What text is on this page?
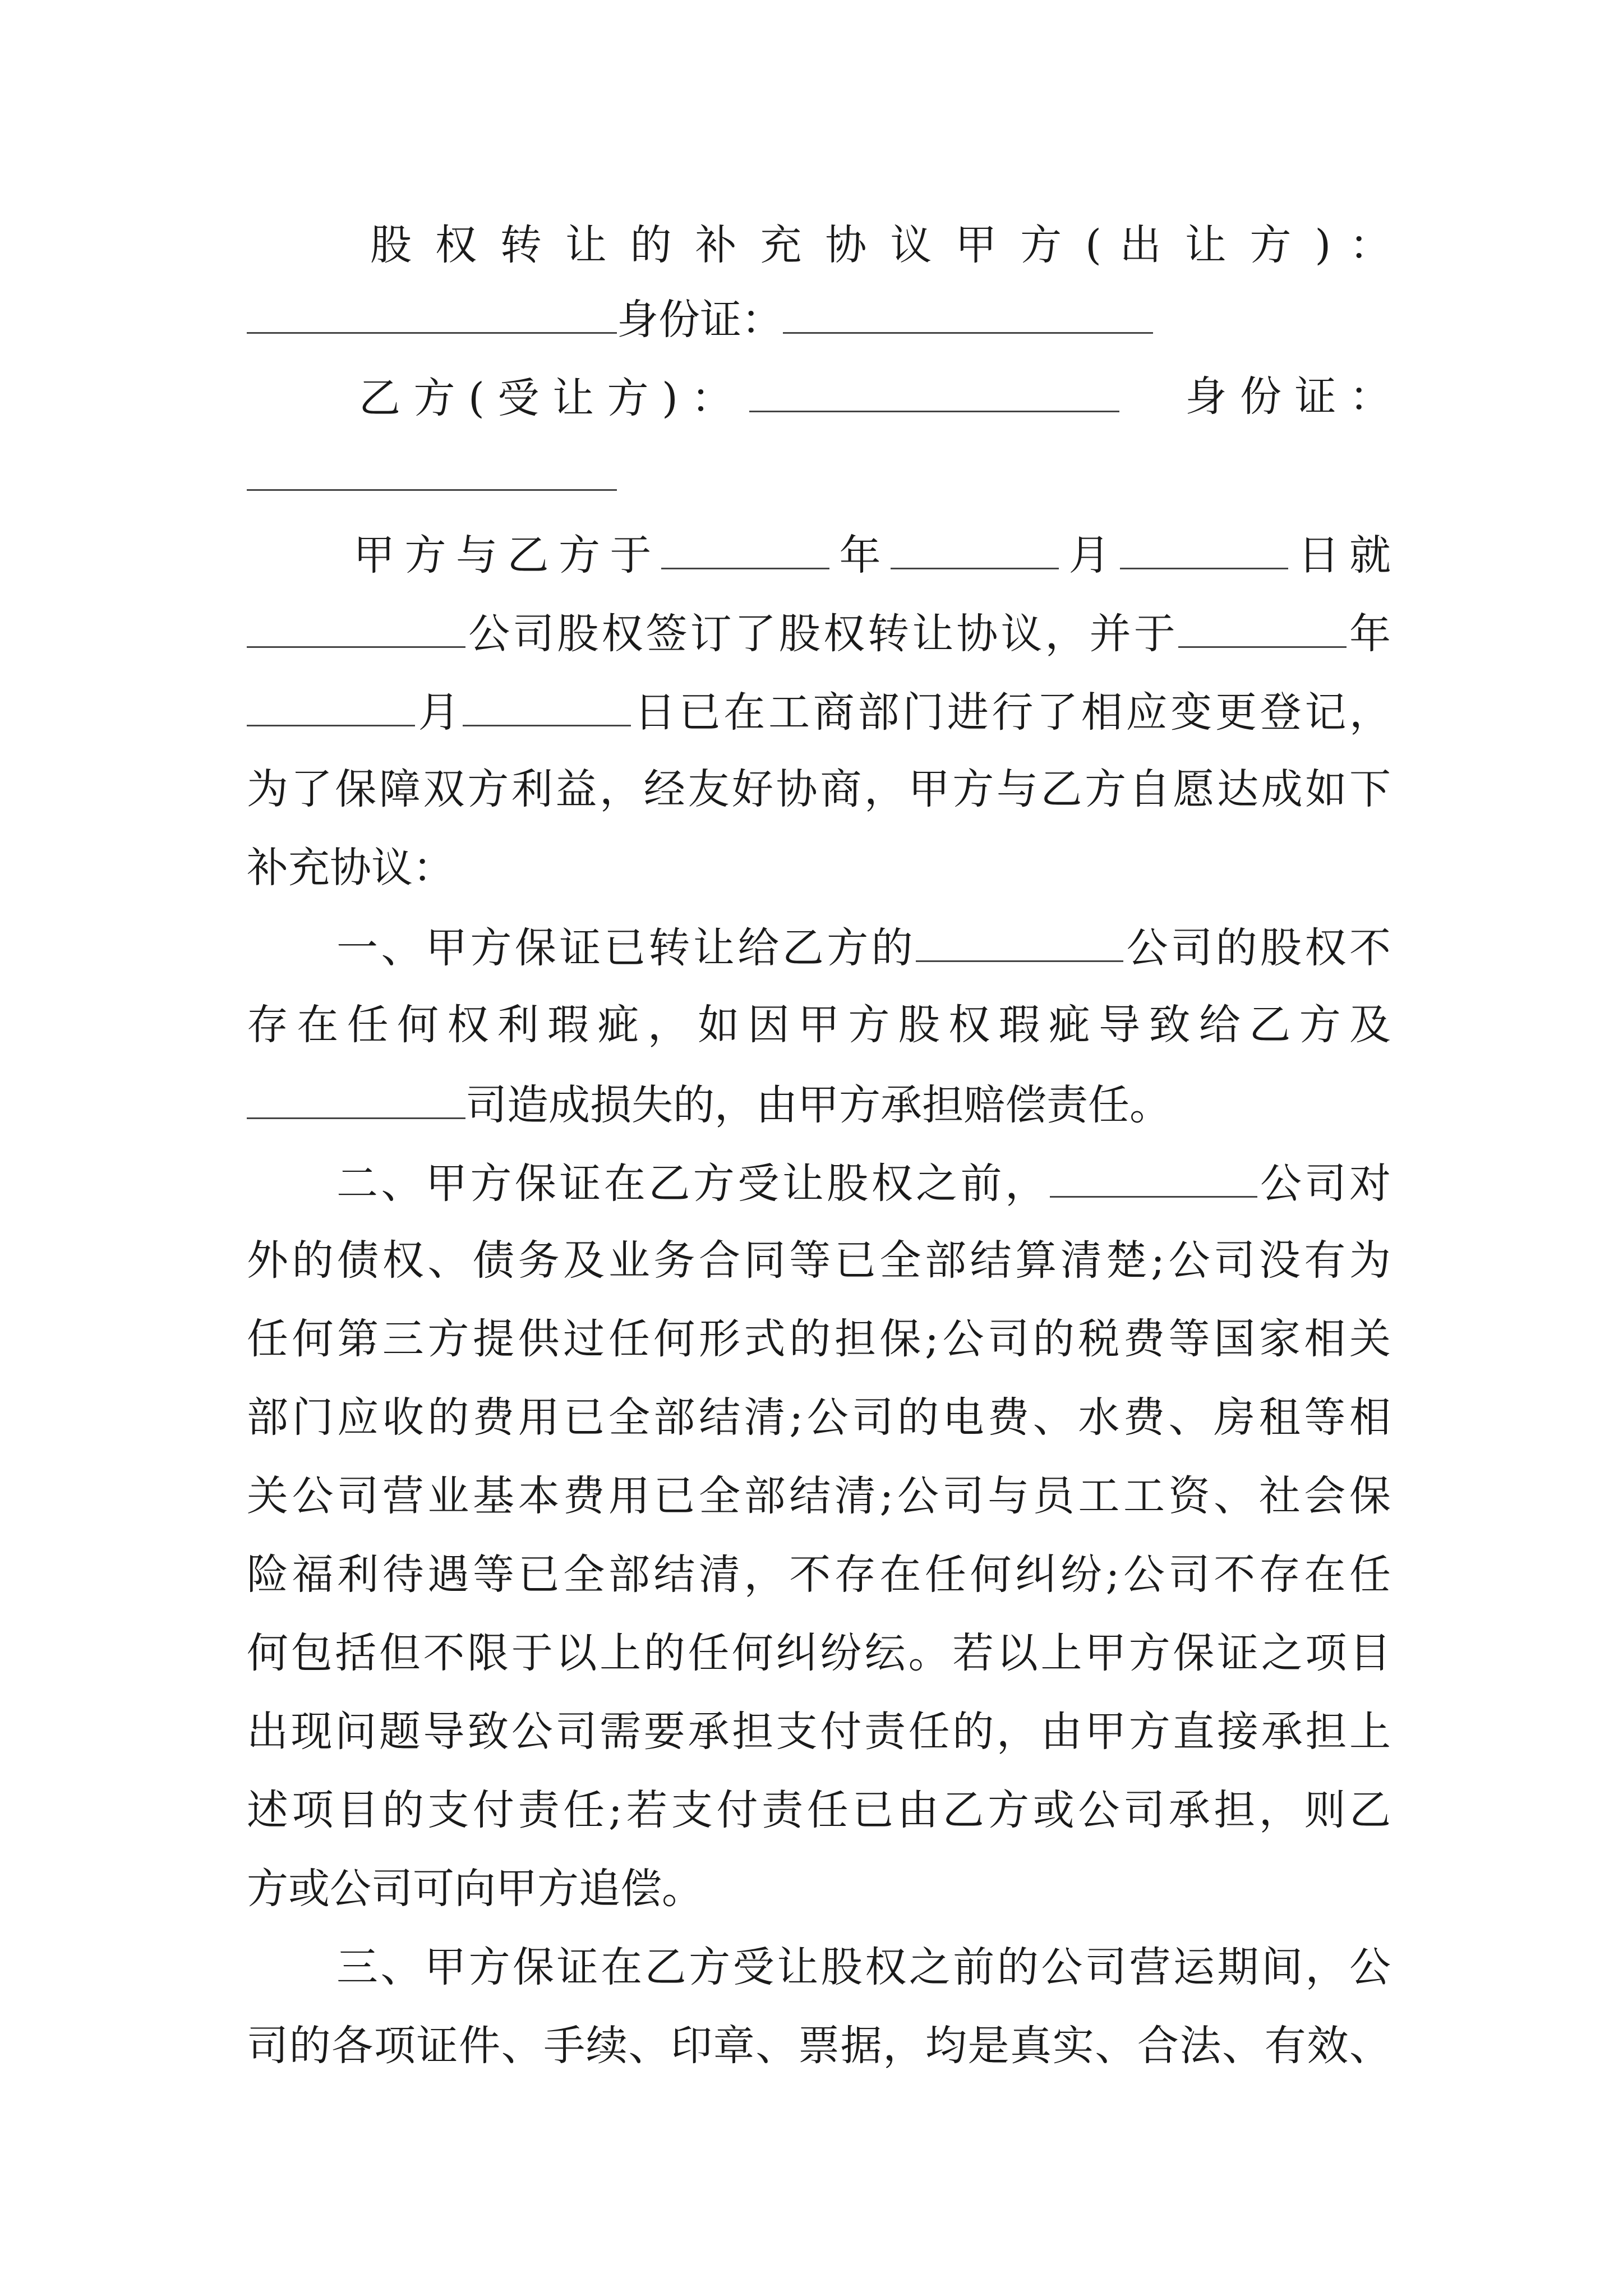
股 权 转 让 的 补 充 协 议 甲 方 ( 出 让 方 ) ：
身份证：
乙 方 ( 受 让 方 ) ：	身 份 证 ：
甲方与乙方于	年	月	日就
公司股权签订了股权转让协议，并于	年
月	日已在工商部门进行了相应变更登记，
为了保障双方利益，经友好协商，甲方与乙方自愿达成如下
补充协议：
一、甲方保证已转让给乙方的	公司的股权不
存在任何权利瑕疵，如因甲方股权瑕疵导致给乙方及
司造成损失的，由甲方承担赔偿责任。
二、甲方保证在乙方受让股权之前，	公司对
外的债权、债务及业务合同等已全部结算清楚;公司没有为
任何第三方提供过任何形式的担保;公司的税费等国家相关
部门应收的费用已全部结清;公司的电费、水费、房租等相
关公司营业基本费用已全部结清;公司与员工工资、社会保
险福利待遇等已全部结清，不存在任何纠纷;公司不存在任
何包括但不限于以上的任何纠纷纭。若以上甲方保证之项目
出现问题导致公司需要承担支付责任的，由甲方直接承担上
述项目的支付责任;若支付责任已由乙方或公司承担，则乙
方或公司可向甲方追偿。
三、甲方保证在乙方受让股权之前的公司营运期间，公
司的各项证件、手续、印章、票据，均是真实、合法、有效、
